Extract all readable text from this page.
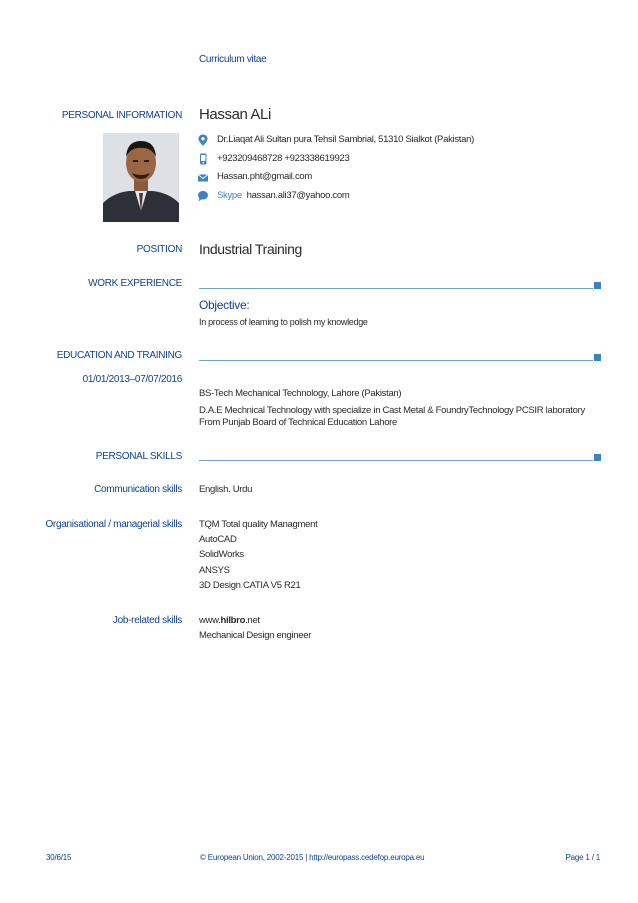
Curriculum vitae
PERSONAL INFORMATION Hassan ALi
Dr.Liaqat Ali Sultan pura Tehsil Sambrial, 51310 Sialkot (Pakistan)
+923209468728 +923338619923
Hassan.pht@gmail.com
Skype hassan.ali37@yahoo.com
POSITION Industrial Training
WORK EXPERIENCE
Objective:
In process of learning to polish my knowledge
EDUCATION AND TRAINING
01/01/2013–07/07/2016
BS-Tech Mechanical Technology, Lahore (Pakistan)
D.A.E Mechnical Technology with specialize in Cast Metal & FoundryTechnology PCSIR laboratory
From Punjab Board of Technical Education Lahore
PERSONAL SKILLS
Communication skills English. Urdu
Organisational / managerial skills TQM Total quality Managment
AutoCAD
SolidWorks
ANSYS
3D Design CATIA V5 R21
Job-related skills www.hilbro.net
Mechanical Design engineer
30/6/15	© European Union, 2002-2015 | http://europass.cedefop.europa.eu	Page 1 / 1
